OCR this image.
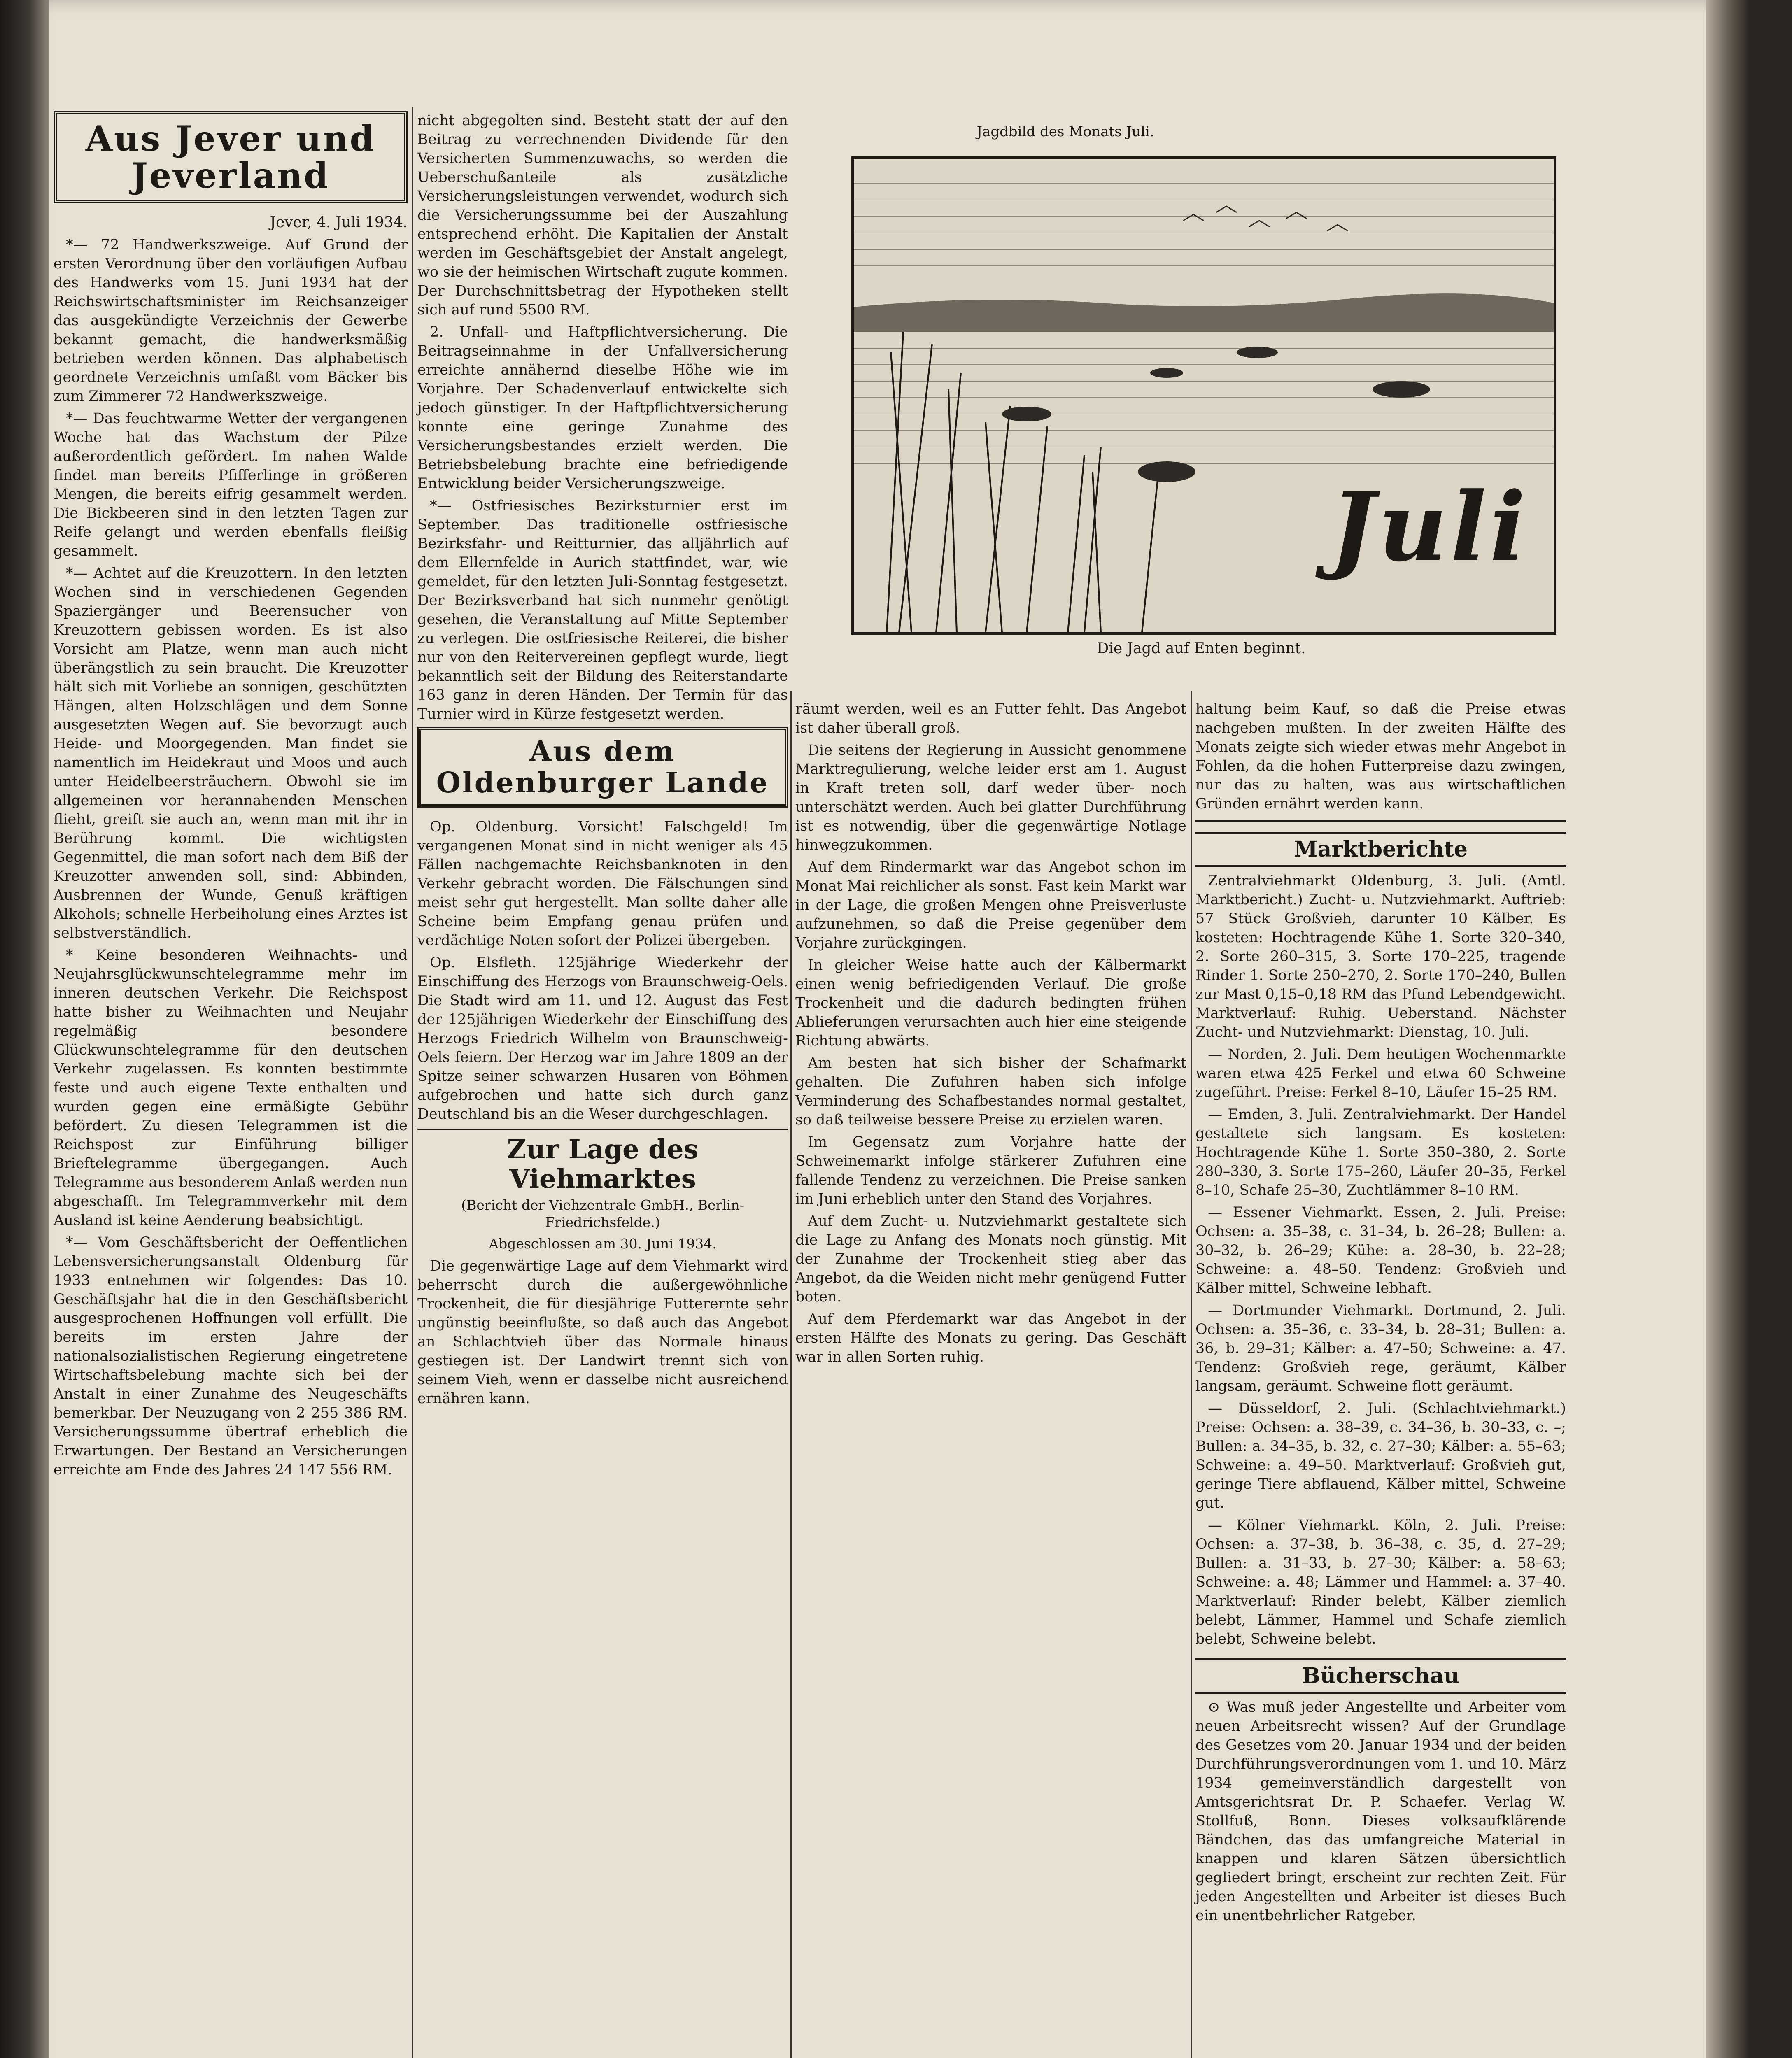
Aus Jever und Jeverland
Jever, 4. Juli 1934.

*— 72 Handwerkszweige. Auf Grund der ersten Verordnung über den vorläufigen Aufbau des Handwerks vom 15. Juni 1934 hat der Reichswirtschaftsminister im Reichsanzeiger das ausgekündigte Verzeichnis der Gewerbe bekannt gemacht, die handwerksmäßig betrieben werden können. Das alphabetisch geordnete Verzeichnis umfaßt vom Bäcker bis zum Zimmerer 72 Handwerkszweige.

*— Das feuchtwarme Wetter der vergangenen Woche hat das Wachstum der Pilze außerordentlich gefördert. Im nahen Walde findet man bereits Pfifferlinge in größeren Mengen, die bereits eifrig gesammelt werden. Die Bickbeeren sind in den letzten Tagen zur Reife gelangt und werden ebenfalls fleißig gesammelt.

*— Achtet auf die Kreuzottern. In den letzten Wochen sind in verschiedenen Gegenden Spaziergänger und Beerensucher von Kreuzottern gebissen worden. Es ist also Vorsicht am Platze, wenn man auch nicht überängstlich zu sein braucht. Die Kreuzotter hält sich mit Vorliebe an sonnigen, geschützten Hängen, alten Holzschlägen und dem Sonne ausgesetzten Wegen auf. Sie bevorzugt auch Heide- und Moorgegenden. Man findet sie namentlich im Heidekraut und Moos und auch unter Heidelbeersträuchern. Obwohl sie im allgemeinen vor herannahenden Menschen flieht, greift sie auch an, wenn man mit ihr in Berührung kommt. Die wichtigsten Gegenmittel, die man sofort nach dem Biß der Kreuzotter anwenden soll, sind: Abbinden, Ausbrennen der Wunde, Genuß kräftigen Alkohols; schnelle Herbeiholung eines Arztes ist selbstverständlich.

* Keine besonderen Weihnachts- und Neujahrsglückwunschtelegramme mehr im inneren deutschen Verkehr. Die Reichspost hatte bisher zu Weihnachten und Neujahr regelmäßig besondere Glückwunschtelegramme für den deutschen Verkehr zugelassen. Es konnten bestimmte feste und auch eigene Texte enthalten und wurden gegen eine ermäßigte Gebühr befördert. Zu diesen Telegrammen ist die Reichspost zur Einführung billiger Brieftelegramme übergegangen. Auch Telegramme aus besonderem Anlaß werden nun abgeschafft. Im Telegrammverkehr mit dem Ausland ist keine Aenderung beabsichtigt.

*— Vom Geschäftsbericht der Oeffentlichen Lebensversicherungsanstalt Oldenburg für 1933 entnehmen wir folgendes: Das 10. Geschäftsjahr hat die in den Geschäftsbericht ausgesprochenen Hoffnungen voll erfüllt. Die bereits im ersten Jahre der nationalsozialistischen Regierung eingetretene Wirtschaftsbelebung machte sich bei der Anstalt in einer Zunahme des Neugeschäfts bemerkbar. Der Neuzugang von 2 255 386 RM. Versicherungssumme übertraf erheblich die Erwartungen. Der Bestand an Versicherungen erreichte am Ende des Jahres 24 147 556 RM.

nicht abgegolten sind. Besteht statt der auf den Beitrag zu verrechnenden Dividende für den Versicherten Summenzuwachs, so werden die Ueberschußanteile als zusätzliche Versicherungsleistungen verwendet, wodurch sich die Versicherungssumme bei der Auszahlung entsprechend erhöht. Die Kapitalien der Anstalt werden im Geschäftsgebiet der Anstalt angelegt, wo sie der heimischen Wirtschaft zugute kommen. Der Durchschnittsbetrag der Hypotheken stellt sich auf rund 5500 RM.

2. Unfall- und Haftpflichtversicherung. Die Beitragseinnahme in der Unfallversicherung erreichte annähernd dieselbe Höhe wie im Vorjahre. Der Schadenverlauf entwickelte sich jedoch günstiger. In der Haftpflichtversicherung konnte eine geringe Zunahme des Versicherungsbestandes erzielt werden. Die Betriebsbelebung brachte eine befriedigende Entwicklung beider Versicherungszweige.

*— Ostfriesisches Bezirksturnier erst im September. Das traditionelle ostfriesische Bezirksfahr- und Reitturnier, das alljährlich auf dem Ellernfelde in Aurich stattfindet, war, wie gemeldet, für den letzten Juli-Sonntag festgesetzt. Der Bezirksverband hat sich nunmehr genötigt gesehen, die Veranstaltung auf Mitte September zu verlegen. Die ostfriesische Reiterei, die bisher nur von den Reitervereinen gepflegt wurde, liegt bekanntlich seit der Bildung des Reiterstandarte 163 ganz in deren Händen. Der Termin für das Turnier wird in Kürze festgesetzt werden.

Aus dem Oldenburger Lande

Op. Oldenburg. Vorsicht! Falschgeld! Im vergangenen Monat sind in nicht weniger als 45 Fällen nachgemachte Reichsbanknoten in den Verkehr gebracht worden. Die Fälschungen sind meist sehr gut hergestellt. Man sollte daher alle Scheine beim Empfang genau prüfen und verdächtige Noten sofort der Polizei übergeben.

Op. Elsfleth. 125jährige Wiederkehr der Einschiffung des Herzogs von Braunschweig-Oels. Die Stadt wird am 11. und 12. August das Fest der 125jährigen Wiederkehr der Einschiffung des Herzogs Friedrich Wilhelm von Braunschweig-Oels feiern. Der Herzog war im Jahre 1809 an der Spitze seiner schwarzen Husaren von Böhmen aufgebrochen und hatte sich durch ganz Deutschland bis an die Weser durchgeschlagen.

Zur Lage des Viehmarktes
(Bericht der Viehzentrale GmbH., Berlin-Friedrichsfelde.)
Abgeschlossen am 30. Juni 1934.

Die gegenwärtige Lage auf dem Viehmarkt wird beherrscht durch die außergewöhnliche Trockenheit, die für diesjährige Futterernte sehr ungünstig beeinflußte, so daß auch das Angebot an Schlachtvieh über das Normale hinaus gestiegen ist. Der Landwirt trennt sich von seinem Vieh, wenn er dasselbe nicht ausreichend ernähren kann.

Jagdbild des Monats Juli.
Juli
Die Jagd auf Enten beginnt.

räumt werden, weil es an Futter fehlt. Das Angebot ist daher überall groß.

Die seitens der Regierung in Aussicht genommene Marktregulierung, welche leider erst am 1. August in Kraft treten soll, darf weder über- noch unterschätzt werden. Auch bei glatter Durchführung ist es notwendig, über die gegenwärtige Notlage hinwegzukommen.

Auf dem Rindermarkt war das Angebot schon im Monat Mai reichlicher als sonst. Fast kein Markt war in der Lage, die großen Mengen ohne Preisverluste aufzunehmen, so daß die Preise gegenüber dem Vorjahre zurückgingen.

In gleicher Weise hatte auch der Kälbermarkt einen wenig befriedigenden Verlauf. Die große Trockenheit und die dadurch bedingten frühen Ablieferungen verursachten auch hier eine steigende Richtung abwärts.

Am besten hat sich bisher der Schafmarkt gehalten. Die Zufuhren haben sich infolge Verminderung des Schafbestandes normal gestaltet, so daß teilweise bessere Preise zu erzielen waren.

Im Gegensatz zum Vorjahre hatte der Schweinemarkt infolge stärkerer Zufuhren eine fallende Tendenz zu verzeichnen. Die Preise sanken im Juni erheblich unter den Stand des Vorjahres.

Auf dem Zucht- u. Nutzviehmarkt gestaltete sich die Lage zu Anfang des Monats noch günstig. Mit der Zunahme der Trockenheit stieg aber das Angebot, da die Weiden nicht mehr genügend Futter boten.

Auf dem Pferdemarkt war das Angebot in der ersten Hälfte des Monats zu gering. Das Geschäft war in allen Sorten ruhig.

haltung beim Kauf, so daß die Preise etwas nachgeben mußten. In der zweiten Hälfte des Monats zeigte sich wieder etwas mehr Angebot in Fohlen, da die hohen Futterpreise dazu zwingen, nur das zu halten, was aus wirtschaftlichen Gründen ernährt werden kann.

Marktberichte

Zentralviehmarkt Oldenburg, 3. Juli. (Amtl. Marktbericht.) Zucht- u. Nutzviehmarkt. Auftrieb: 57 Stück Großvieh, darunter 10 Kälber. Es kosteten: Hochtragende Kühe 1. Sorte 320–340, 2. Sorte 260–315, 3. Sorte 170–225, tragende Rinder 1. Sorte 250–270, 2. Sorte 170–240, Bullen zur Mast 0,15–0,18 RM das Pfund Lebendgewicht. Marktverlauf: Ruhig. Ueberstand. Nächster Zucht- und Nutzviehmarkt: Dienstag, 10. Juli.

— Norden, 2. Juli. Dem heutigen Wochenmarkte waren etwa 425 Ferkel und etwa 60 Schweine zugeführt. Preise: Ferkel 8–10, Läufer 15–25 RM.

— Emden, 3. Juli. Zentralviehmarkt. Der Handel gestaltete sich langsam. Es kosteten: Hochtragende Kühe 1. Sorte 350–380, 2. Sorte 280–330, 3. Sorte 175–260, Läufer 20–35, Ferkel 8–10, Schafe 25–30, Zuchtlämmer 8–10 RM.

— Essener Viehmarkt. Essen, 2. Juli. Preise: Ochsen: a. 35–38, c. 31–34, b. 26–28; Bullen: a. 30–32, b. 26–29; Kühe: a. 28–30, b. 22–28; Schweine: a. 48–50. Tendenz: Großvieh und Kälber mittel, Schweine lebhaft.

— Dortmunder Viehmarkt. Dortmund, 2. Juli. Ochsen: a. 35–36, c. 33–34, b. 28–31; Bullen: a. 36, b. 29–31; Kälber: a. 47–50; Schweine: a. 47. Tendenz: Großvieh rege, geräumt, Kälber langsam, geräumt. Schweine flott geräumt.

— Düsseldorf, 2. Juli. (Schlachtviehmarkt.) Preise: Ochsen: a. 38–39, c. 34–36, b. 30–33, c. –; Bullen: a. 34–35, b. 32, c. 27–30; Kälber: a. 55–63; Schweine: a. 49–50. Marktverlauf: Großvieh gut, geringe Tiere abflauend, Kälber mittel, Schweine gut.

— Kölner Viehmarkt. Köln, 2. Juli. Preise: Ochsen: a. 37–38, b. 36–38, c. 35, d. 27–29; Bullen: a. 31–33, b. 27–30; Kälber: a. 58–63; Schweine: a. 48; Lämmer und Hammel: a. 37–40. Marktverlauf: Rinder belebt, Kälber ziemlich belebt, Lämmer, Hammel und Schafe ziemlich belebt, Schweine belebt.

Bücherschau

⊙ Was muß jeder Angestellte und Arbeiter vom neuen Arbeitsrecht wissen? Auf der Grundlage des Gesetzes vom 20. Januar 1934 und der beiden Durchführungsverordnungen vom 1. und 10. März 1934 gemeinverständlich dargestellt von Amtsgerichtsrat Dr. P. Schaefer. Verlag W. Stollfuß, Bonn. Dieses volksaufklärende Bändchen, das das umfangreiche Material in knappen und klaren Sätzen übersichtlich gegliedert bringt, erscheint zur rechten Zeit. Für jeden Angestellten und Arbeiter ist dieses Buch ein unentbehrlicher Ratgeber.
